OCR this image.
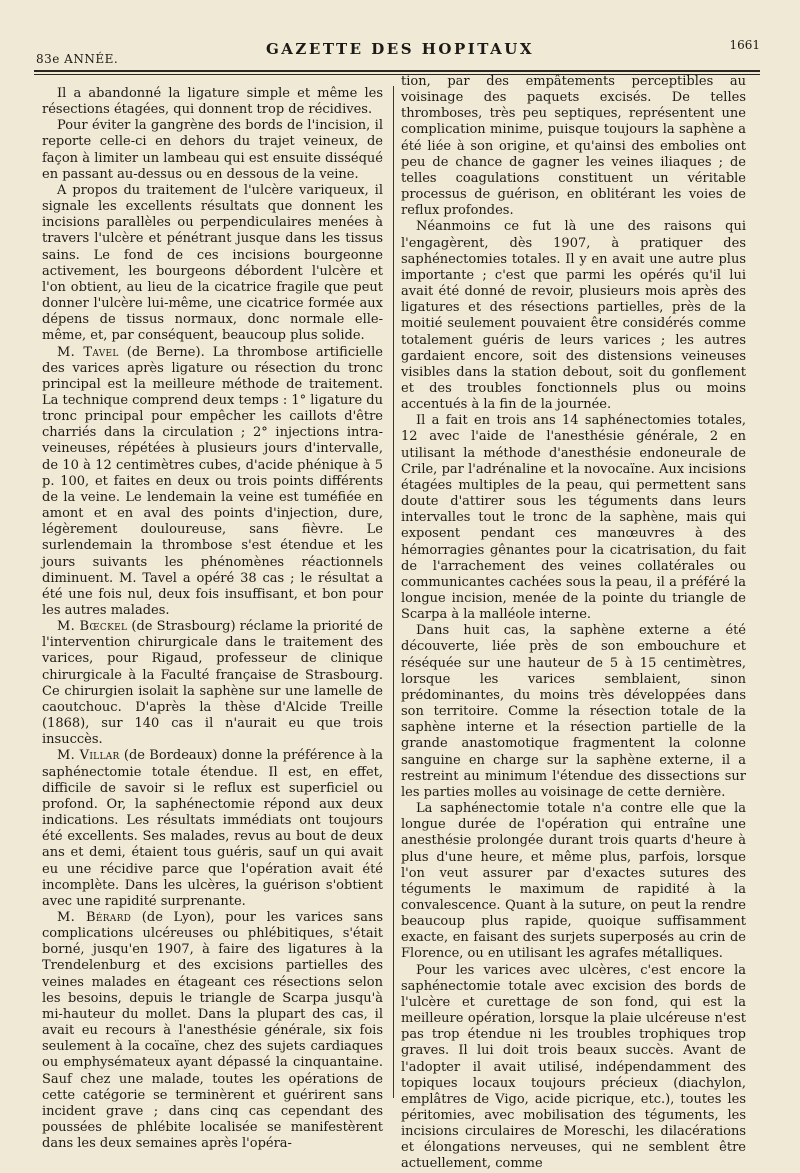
83e ANNÉE.
GAZETTE DES HOPITAUX	1661

Il a abandonné la ligature simple et même les résections étagées, qui donnent trop de récidives.

Pour éviter la gangrène des bords de l'incision, il reporte celle-ci en dehors du trajet veineux, de façon à limiter un lambeau qui est ensuite disséqué en passant au-dessus ou en dessous de la veine.

A propos du traitement de l'ulcère variqueux, il signale les excellents résultats que donnent les incisions parallèles ou perpendiculaires menées à travers l'ulcère et pénétrant jusque dans les tissus sains. Le fond de ces incisions bourgeonne activement, les bourgeons débordent l'ulcère et l'on obtient, au lieu de la cicatrice fragile que peut donner l'ulcère lui-même, une cicatrice formée aux dépens de tissus normaux, donc normale elle-même, et, par conséquent, beaucoup plus solide.

M. Tavel (de Berne). La thrombose artificielle des varices après ligature ou résection du tronc principal est la meilleure méthode de traitement. La technique comprend deux temps : 1° ligature du tronc principal pour empêcher les caillots d'être charriés dans la circulation ; 2° injections intra-veineuses, répétées à plusieurs jours d'intervalle, de 10 à 12 centimètres cubes, d'acide phénique à 5 p. 100, et faites en deux ou trois points différents de la veine. Le lendemain la veine est tuméfiée en amont et en aval des points d'injection, dure, légèrement douloureuse, sans fièvre. Le surlendemain la thrombose s'est étendue et les jours suivants les phénomènes réactionnels diminuent. M. Tavel a opéré 38 cas ; le résultat a été une fois nul, deux fois insuffisant, et bon pour les autres malades.

M. Bœckel (de Strasbourg) réclame la priorité de l'intervention chirurgicale dans le traitement des varices, pour Rigaud, professeur de clinique chirurgicale à la Faculté française de Strasbourg. Ce chirurgien isolait la saphène sur une lamelle de caoutchouc. D'après la thèse d'Alcide Treille (1868), sur 140 cas il n'aurait eu que trois insuccès.

M. Villar (de Bordeaux) donne la préférence à la saphénectomie totale étendue. Il est, en effet, difficile de savoir si le reflux est superficiel ou profond. Or, la saphénectomie répond aux deux indications. Les résultats immédiats ont toujours été excellents. Ses malades, revus au bout de deux ans et demi, étaient tous guéris, sauf un qui avait eu une récidive parce que l'opération avait été incomplète. Dans les ulcères, la guérison s'obtient avec une rapidité surprenante.

M. Bérard (de Lyon), pour les varices sans complications ulcéreuses ou phlébitiques, s'était borné, jusqu'en 1907, à faire des ligatures à la Trendelenburg et des excisions partielles des veines malades en étageant ces résections selon les besoins, depuis le triangle de Scarpa jusqu'à mi-hauteur du mollet. Dans la plupart des cas, il avait eu recours à l'anesthésie générale, six fois seulement à la cocaïne, chez des sujets cardiaques ou emphysémateux ayant dépassé la cinquantaine. Sauf chez une malade, toutes les opérations de cette catégorie se terminèrent et guérirent sans incident grave ; dans cinq cas cependant des poussées de phlébite localisée se manifestèrent dans les deux semaines après l'opéra-

tion, par des empâtements perceptibles au voisinage des paquets excisés. De telles thromboses, très peu septiques, représentent une complication minime, puisque toujours la saphène a été liée à son origine, et qu'ainsi des embolies ont peu de chance de gagner les veines iliaques ; de telles coagulations constituent un véritable processus de guérison, en oblitérant les voies de reflux profondes.

Néanmoins ce fut là une des raisons qui l'engagèrent, dès 1907, à pratiquer des saphénectomies totales. Il y en avait une autre plus importante ; c'est que parmi les opérés qu'il lui avait été donné de revoir, plusieurs mois après des ligatures et des résections partielles, près de la moitié seulement pouvaient être considérés comme totalement guéris de leurs varices ; les autres gardaient encore, soit des distensions veineuses visibles dans la station debout, soit du gonflement et des troubles fonctionnels plus ou moins accentués à la fin de la journée.

Il a fait en trois ans 14 saphénectomies totales, 12 avec l'aide de l'anesthésie générale, 2 en utilisant la méthode d'anesthésie endoneurale de Crile, par l'adrénaline et la novocaïne. Aux incisions étagées multiples de la peau, qui permettent sans doute d'attirer sous les téguments dans leurs intervalles tout le tronc de la saphène, mais qui exposent pendant ces manœuvres à des hémorragies gênantes pour la cicatrisation, du fait de l'arrachement des veines collatérales ou communicantes cachées sous la peau, il a préféré la longue incision, menée de la pointe du triangle de Scarpa à la malléole interne.

Dans huit cas, la saphène externe a été découverte, liée près de son embouchure et réséquée sur une hauteur de 5 à 15 centimètres, lorsque les varices semblaient, sinon prédominantes, du moins très développées dans son territoire. Comme la résection totale de la saphène interne et la résection partielle de la grande anastomotique fragmentent la colonne sanguine en charge sur la saphène externe, il a restreint au minimum l'étendue des dissections sur les parties molles au voisinage de cette dernière.

La saphénectomie totale n'a contre elle que la longue durée de l'opération qui entraîne une anesthésie prolongée durant trois quarts d'heure à plus d'une heure, et même plus, parfois, lorsque l'on veut assurer par d'exactes sutures des téguments le maximum de rapidité à la convalescence. Quant à la suture, on peut la rendre beaucoup plus rapide, quoique suffisamment exacte, en faisant des surjets superposés au crin de Florence, ou en utilisant les agrafes métalliques.

Pour les varices avec ulcères, c'est encore la saphénectomie totale avec excision des bords de l'ulcère et curettage de son fond, qui est la meilleure opération, lorsque la plaie ulcéreuse n'est pas trop étendue ni les troubles trophiques trop graves. Il lui doit trois beaux succès. Avant de l'adopter il avait utilisé, indépendamment des topiques locaux toujours précieux (diachylon, emplâtres de Vigo, acide picrique, etc.), toutes les péritomies, avec mobilisation des téguments, les incisions circulaires de Moreschi, les dilacérations et élongations nerveuses, qui ne semblent être actuellement, comme
